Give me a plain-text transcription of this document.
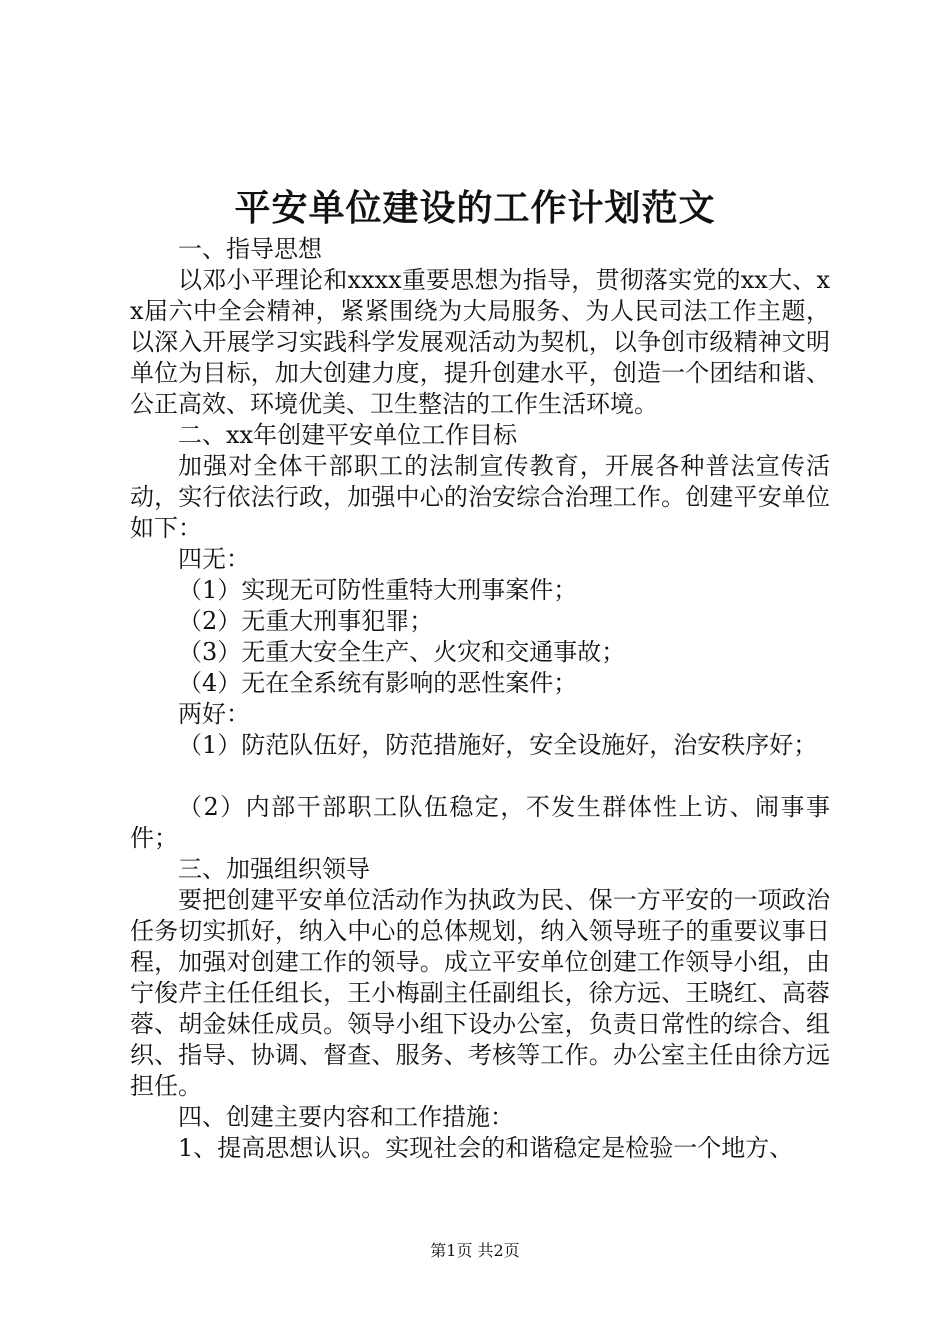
平安单位建设的工作计划范文

一、指导思想

以邓小平理论和xxxx重要思想为指导，贯彻落实党的xx大、xx届六中全会精神，紧紧围绕为大局服务、为人民司法工作主题，以深入开展学习实践科学发展观活动为契机，以争创市级精神文明单位为目标，加大创建力度，提升创建水平，创造一个团结和谐、公正高效、环境优美、卫生整洁的工作生活环境。

二、xx年创建平安单位工作目标

加强对全体干部职工的法制宣传教育，开展各种普法宣传活动，实行依法行政，加强中心的治安综合治理工作。创建平安单位如下：

四无：

（1）实现无可防性重特大刑事案件；

（2）无重大刑事犯罪；

（3）无重大安全生产、火灾和交通事故；

（4）无在全系统有影响的恶性案件；

两好：

（1）防范队伍好，防范措施好，安全设施好，治安秩序好；

（2）内部干部职工队伍稳定，不发生群体性上访、闹事事件；

三、加强组织领导

要把创建平安单位活动作为执政为民、保一方平安的一项政治任务切实抓好，纳入中心的总体规划，纳入领导班子的重要议事日程，加强对创建工作的领导。成立平安单位创建工作领导小组，由宁俊芹主任任组长，王小梅副主任副组长，徐方远、王晓红、高蓉蓉、胡金妹任成员。领导小组下设办公室，负责日常性的综合、组织、指导、协调、督查、服务、考核等工作。办公室主任由徐方远担任。

四、创建主要内容和工作措施：

1、提高思想认识。实现社会的和谐稳定是检验一个地方、

第1页 共2页
